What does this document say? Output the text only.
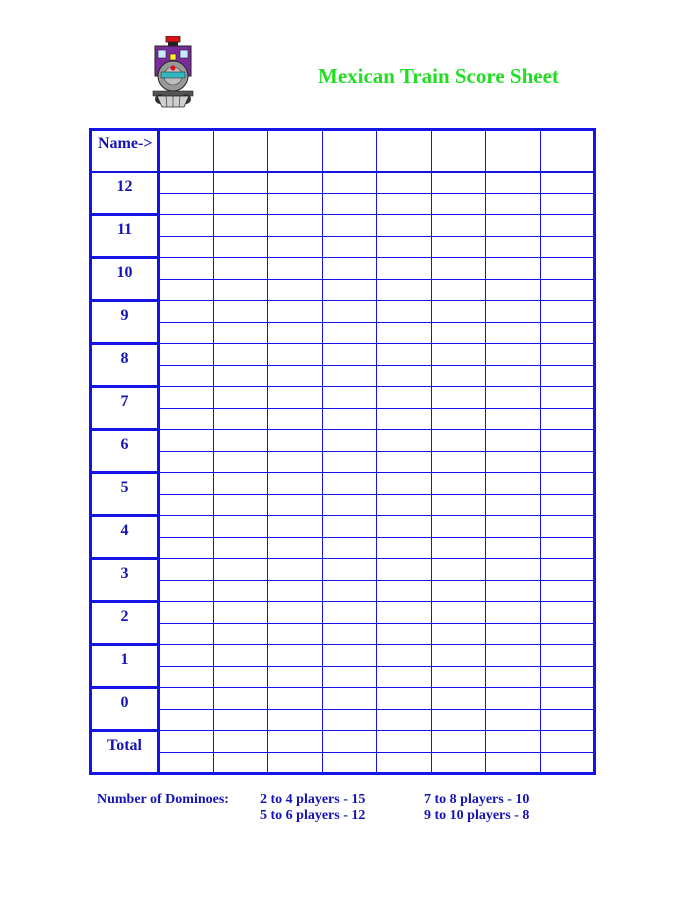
Mexican Train Score Sheet
Name->								
12								

11								

10								

9								

8								

7								

6								

5								

4								

3								

2								

1								

0								

Total								

Number of Dominoes: 2 to 4 players - 15
5 to 6 players - 12
7 to 8 players - 10
9 to 10 players - 8
